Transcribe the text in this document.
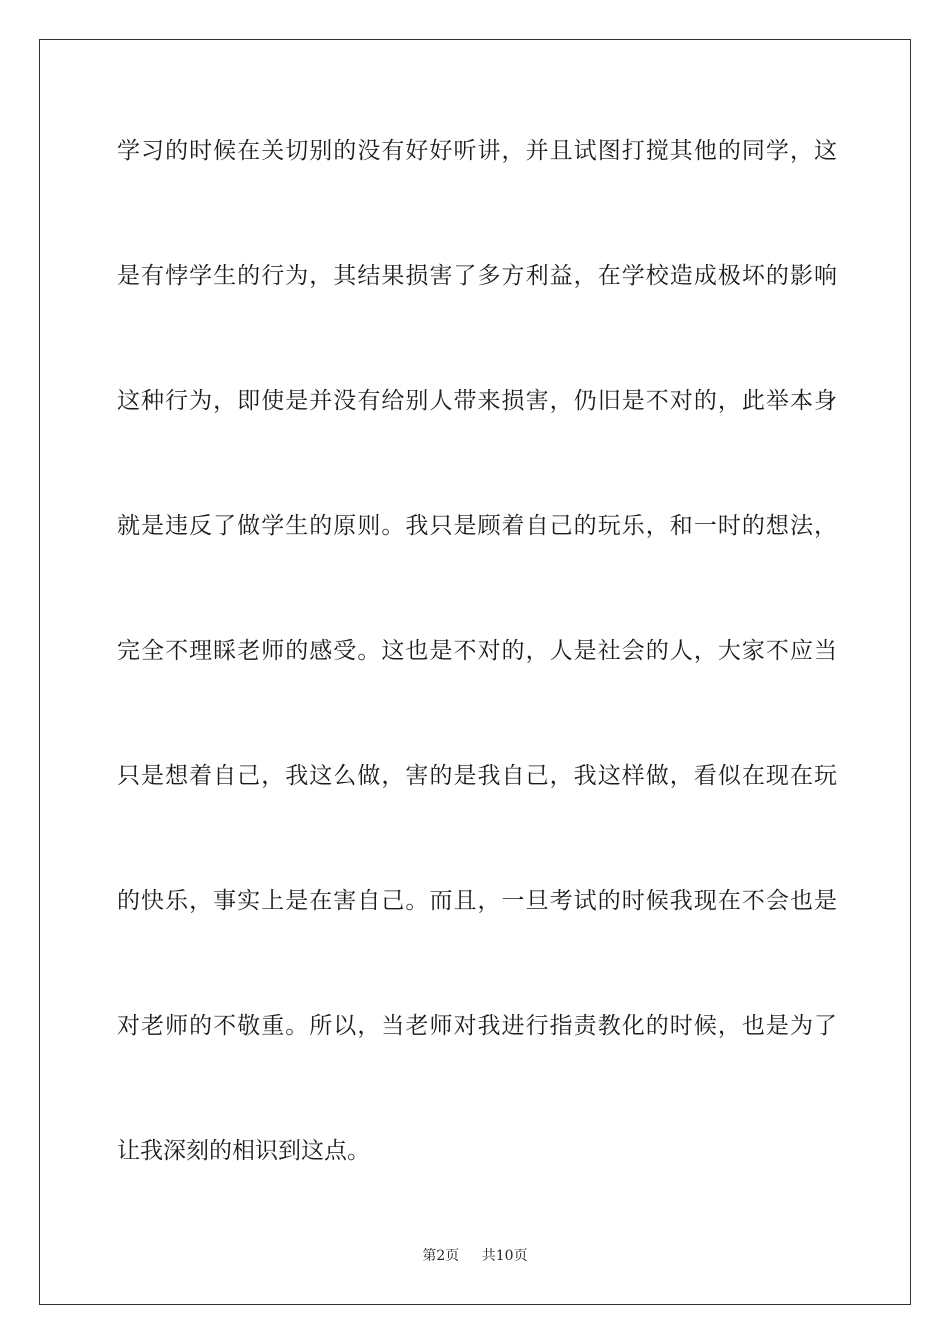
学习的时候在关切别的没有好好听讲，并且试图打搅其他的同学，这
是有悖学生的行为，其结果损害了多方利益，在学校造成极坏的影响
这种行为，即使是并没有给别人带来损害，仍旧是不对的，此举本身
就是违反了做学生的原则。我只是顾着自己的玩乐，和一时的想法，
完全不理睬老师的感受。这也是不对的，人是社会的人，大家不应当
只是想着自己，我这么做，害的是我自己，我这样做，看似在现在玩
的快乐，事实上是在害自己。而且，一旦考试的时候我现在不会也是
对老师的不敬重。所以，当老师对我进行指责教化的时候，也是为了
让我深刻的相识到这点。
第2页 共10页
